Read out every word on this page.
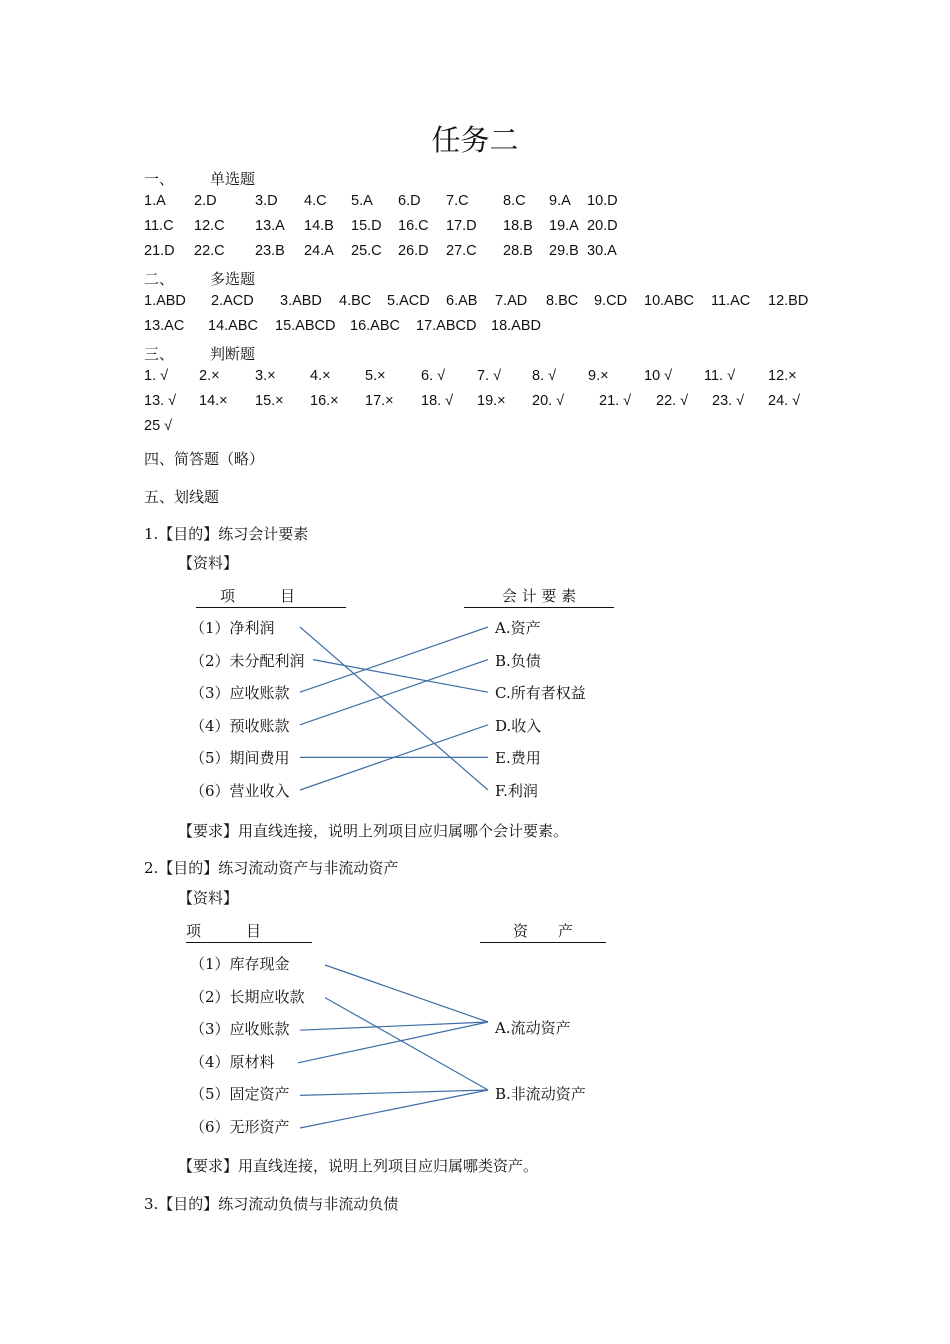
任务二
一、 单选题
1.A 2.D	3.D 4.C 5.A 6.D 7.C 8.C 9.A 10.D
11.C 12.C 13.A 14.B 15.D 16.C 17.D 18.B 19.A 20.D
21.D 22.C 23.B 24.A 25.C 26.D 27.C 28.B 29.B 30.A
二、 多选题
1.ABD 2.ACD 3.ABD 4.BC 5.ACD 6.AB 7.AD 8.BC 9.CD 10.ABC 11.AC 12.BD
13.AC 14.ABC 15.ABCD 16.ABC 17.ABCD 18.ABD
三、 判断题
1. √ 2.× 3.× 4.× 5.× 6. √ 7. √ 8. √ 9.× 10 √ 11. √ 12.×
13. √ 14.× 15.× 16.× 17.× 18. √ 19.× 20. √ 21. √ 22. √ 23. √ 24. √
25 √
四、简答题（略）
五、划线题
1.【目的】练习会计要素
【资料】
项　　　目	会 计 要 素
（1）净利润
（2）未分配利润
（3）应收账款
（4）预收账款
（5）期间费用
（6）营业收入
A.资产
B.负债
C.所有者权益
D.收入
E.费用
F.利润
【要求】用直线连接，说明上列项目应归属哪个会计要素。
2.【目的】练习流动资产与非流动资产
【资料】
项　　　目	资　　产
（1）库存现金
（2）长期应收款
（3）应收账款
（4）原材料
（5）固定资产
（6）无形资产
A.流动资产
B.非流动资产
【要求】用直线连接，说明上列项目应归属哪类资产。
3.【目的】练习流动负债与非流动负债
